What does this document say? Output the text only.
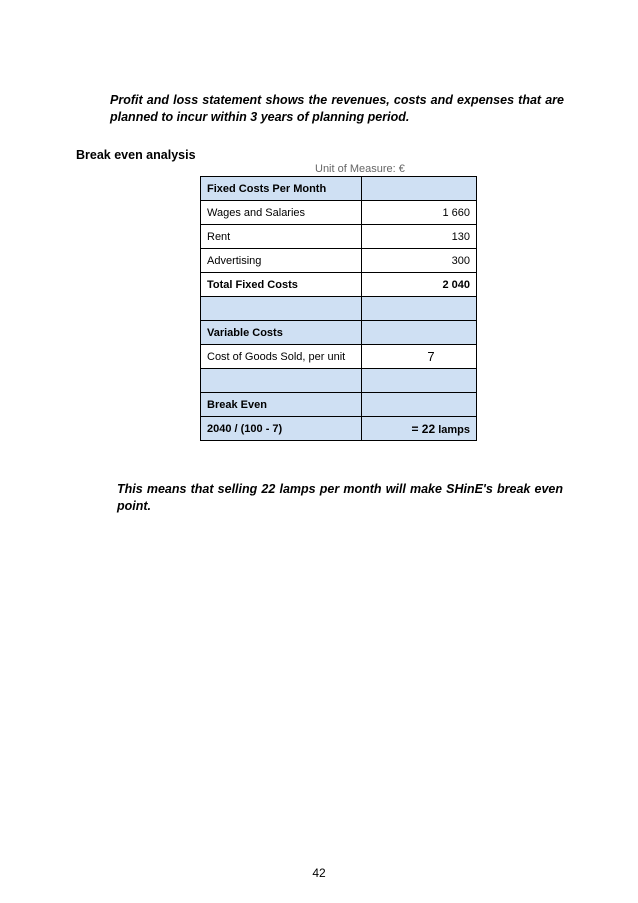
Profit and loss statement shows the revenues, costs and expenses that are planned to incur within 3 years of planning period.

Break even analysis
Unit of Measure: €
Fixed Costs Per Month	
Wages and Salaries	1 660
Rent	130
Advertising	300
Total Fixed Costs	2 040

Variable Costs	
Cost of Goods Sold, per unit	7

Break Even	
2040 / (100 - 7)	= 22 lamps

This means that selling 22 lamps per month will make SHinE's break even point.

42
